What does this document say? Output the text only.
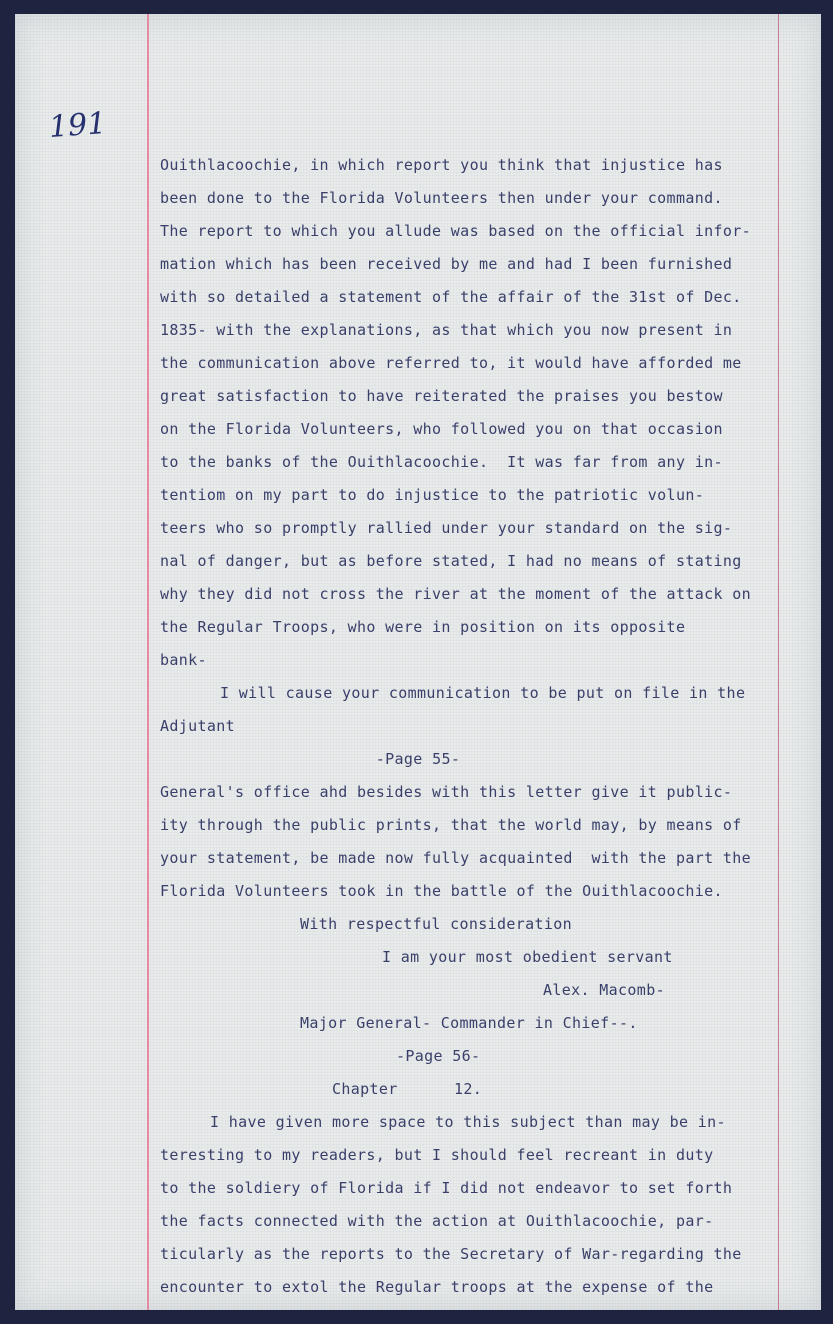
191
Ouithlacoochie, in which report you think that injustice has
been done to the Florida Volunteers then under your command.
The report to which you allude was based on the official infor-
mation which has been received by me and had I been furnished
with so detailed a statement of the affair of the 31st of Dec.
1835- with the explanations, as that which you now present in
the communication above referred to, it would have afforded me
great satisfaction to have reiterated the praises you bestow
on the Florida Volunteers, who followed you on that occasion
to the banks of the Ouithlacoochie.  It was far from any in-
tentiom on my part to do injustice to the patriotic volun-
teers who so promptly rallied under your standard on the sig-
nal of danger, but as before stated, I had no means of stating
why they did not cross the river at the moment of the attack on
the Regular Troops, who were in position on its opposite
bank-
I will cause your communication to be put on file in the
Adjutant
-Page 55-
General's office ahd besides with this letter give it public-
ity through the public prints, that the world may, by means of
your statement, be made now fully acquainted  with the part the
Florida Volunteers took in the battle of the Ouithlacoochie.
With respectful consideration
I am your most obedient servant
Alex. Macomb-
Major General- Commander in Chief--.
-Page 56-
Chapter      12.
I have given more space to this subject than may be in-
teresting to my readers, but I should feel recreant in duty
to the soldiery of Florida if I did not endeavor to set forth
the facts connected with the action at Ouithlacoochie, par-
ticularly as the reports to the Secretary of War-regarding the
encounter to extol the Regular troops at the expense of the
